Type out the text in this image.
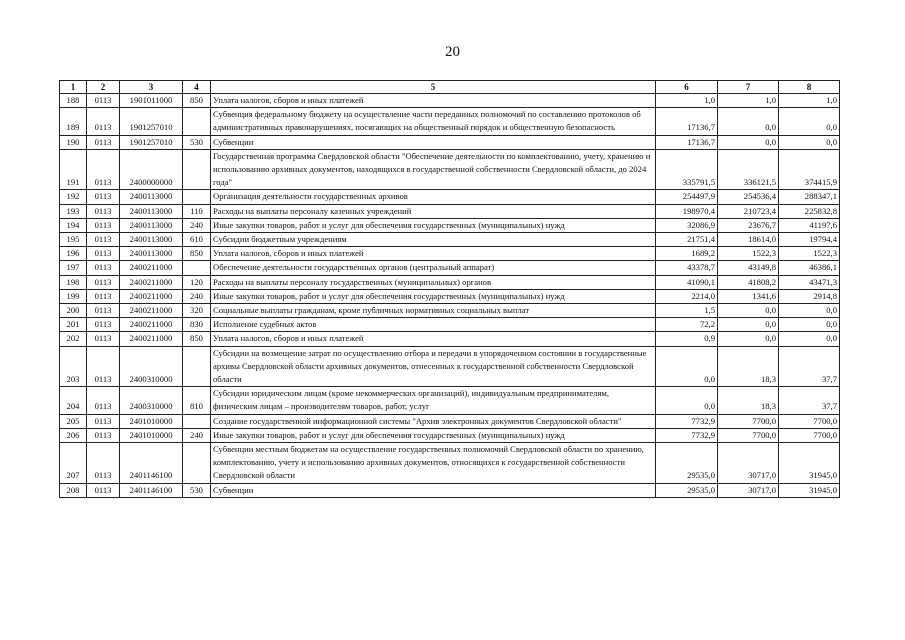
20
1	2	3	4	5	6	7	8
188	0113	1901011000	850	Уплата налогов, сборов и иных платежей	1,0	1,0	1,0
189	0113	1901257010		Субвенция федеральному бюджету на осуществление части переданных полномочий по составлению протоколов об административных правонарушениях, посягающих на общественный порядок и общественную безопасность	17136,7	0,0	0,0
190	0113	1901257010	530	Субвенции	17136,7	0,0	0,0
191	0113	2400000000		Государственная программа Свердловской области "Обеспечение деятельности по комплектованию, учету, хранению и использованию архивных документов, находящихся в государственной собственности Свердловской области, до 2024 года"	335791,5	336121,5	374415,9
192	0113	2400113000		Организация деятельности государственных архивов	254497,9	254536,4	288347,1
193	0113	2400113000	110	Расходы на выплаты персоналу казенных учреждений	198970,4	210723,4	225832,8
194	0113	2400113000	240	Иные закупки товаров, работ и услуг для обеспечения государственных (муниципальных) нужд	32086,9	23676,7	41197,6
195	0113	2400113000	610	Субсидии бюджетным учреждениям	21751,4	18614,0	19794,4
196	0113	2400113000	850	Уплата налогов, сборов и иных платежей	1689,2	1522,3	1522,3
197	0113	2400211000		Обеспечение деятельности государственных органов (центральный аппарат)	43378,7	43149,8	46386,1
198	0113	2400211000	120	Расходы на выплаты персоналу государственных (муниципальных) органов	41090,1	41808,2	43471,3
199	0113	2400211000	240	Иные закупки товаров, работ и услуг для обеспечения государственных (муниципальных) нужд	2214,0	1341,6	2914,8
200	0113	2400211000	320	Социальные выплаты гражданам, кроме публичных нормативных социальных выплат	1,5	0,0	0,0
201	0113	2400211000	830	Исполнение судебных актов	72,2	0,0	0,0
202	0113	2400211000	850	Уплата налогов, сборов и иных платежей	0,9	0,0	0,0
203	0113	2400310000		Субсидии на возмещение затрат по осуществлению отбора и передачи в упорядоченном состоянии в государственные архивы Свердловской области архивных документов, отнесенных к государственной собственности Свердловской области	0,0	18,3	37,7
204	0113	2400310000	810	Субсидии юридическим лицам (кроме некоммерческих организаций), индивидуальным предпринимателям, физическим лицам – производителям товаров, работ, услуг	0,0	18,3	37,7
205	0113	2401010000		Создание государственной информационной системы "Архив электронных документов Свердловской области"	7732,9	7700,0	7700,0
206	0113	2401010000	240	Иные закупки товаров, работ и услуг для обеспечения государственных (муниципальных) нужд	7732,9	7700,0	7700,0
207	0113	2401146100		Субвенции местным бюджетам на осуществление государственных полномочий Свердловской области по хранению, комплектованию, учету и использованию архивных документов, относящихся к государственной собственности Свердловской области	29535,0	30717,0	31945,0
208	0113	2401146100	530	Субвенции	29535,0	30717,0	31945,0
